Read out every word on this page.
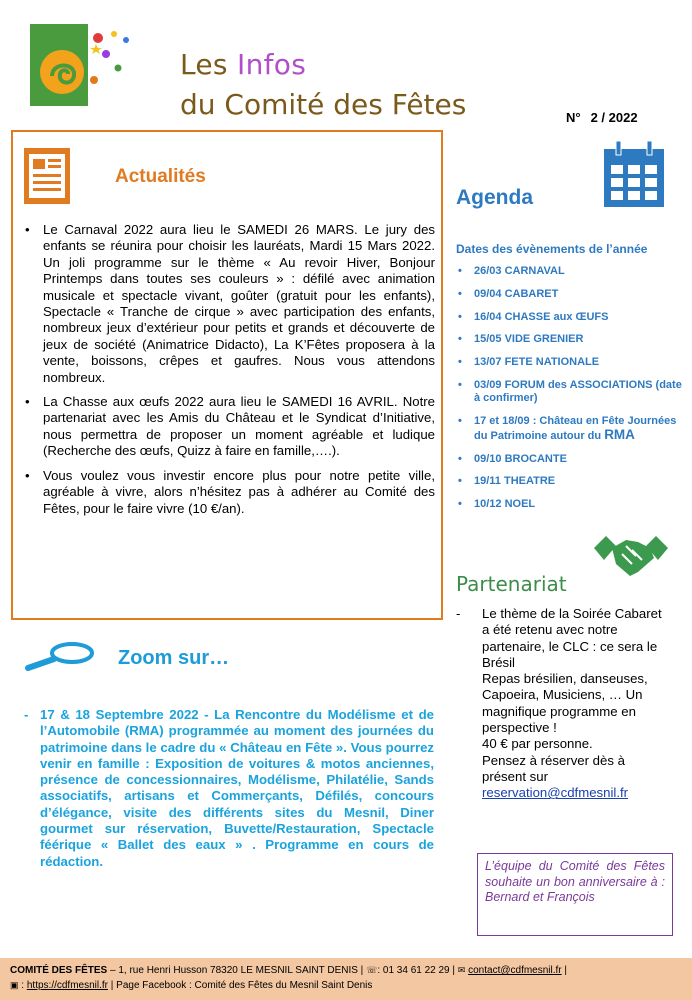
Les Infos
du Comité des Fêtes	N° 2 / 2022
Actualités
• Le Carnaval 2022 aura lieu le SAMEDI 26 MARS. Le jury des enfants se réunira pour choisir les lauréats, Mardi 15 Mars 2022. Un joli programme sur le thème « Au revoir Hiver, Bonjour Printemps dans toutes ses couleurs » : défilé avec animation musicale et spectacle vivant, goûter (gratuit pour les enfants), Spectacle « Tranche de cirque » avec participation des enfants, nombreux jeux d’extérieur pour petits et grands et découverte de jeux de société (Animatrice Didacto), La K’Fêtes proposera à la vente, boissons, crêpes et gaufres. Nous vous attendons nombreux.
• La Chasse aux œufs 2022 aura lieu le SAMEDI 16 AVRIL. Notre partenariat avec les Amis du Château et le Syndicat d’Initiative, nous permettra de proposer un moment agréable et ludique (Recherche des œufs, Quizz à faire en famille,….).
• Vous voulez vous investir encore plus pour notre petite ville, agréable à vivre, alors n’hésitez pas à adhérer au Comité des Fêtes, pour le faire vivre (10 €/an).
Zoom sur…
- 17 & 18 Septembre 2022 - La Rencontre du Modélisme et de l’Automobile (RMA) programmée au moment des journées du patrimoine dans le cadre du « Château en Fête ». Vous pourrez venir en famille : Exposition de voitures & motos anciennes, présence de concessionnaires, Modélisme, Philatélie, Sands associatifs, artisans et Commerçants, Défilés, concours d’élégance, visite des différents sites du Mesnil, Diner gourmet sur réservation, Buvette/Restauration, Spectacle féérique « Ballet des eaux » . Programme en cours de rédaction.
Agenda
Dates des évènements de l’année
• 26/03 CARNAVAL
• 09/04 CABARET
• 16/04 CHASSE aux ŒUFS
• 15/05 VIDE GRENIER
• 13/07 FETE NATIONALE
• 03/09 FORUM des ASSOCIATIONS (date à confirmer)
• 17 et 18/09 : Château en Fête Journées du Patrimoine autour du RMA
• 09/10 BROCANTE
• 19/11 THEATRE
• 10/12 NOEL
Partenariat
- Le thème de la Soirée Cabaret a été retenu avec notre partenaire, le CLC : ce sera le Brésil

Repas brésilien, danseuses, Capoeira, Musiciens, … Un magnifique programme en perspective !

40 € par personne.

Pensez à réserver dès à présent sur

reservation@cdfmesnil.fr

L’équipe du Comité des Fêtes souhaite un bon anniversaire à : Bernard et François
COMITÉ DES FÊTES – 1, rue Henri Husson 78320 LE MESNIL SAINT DENIS | ☏: 01 34 61 22 29 | ✉ contact@cdfmesnil.fr |
▣ : https://cdfmesnil.fr | Page Facebook : Comité des Fêtes du Mesnil Saint Denis
